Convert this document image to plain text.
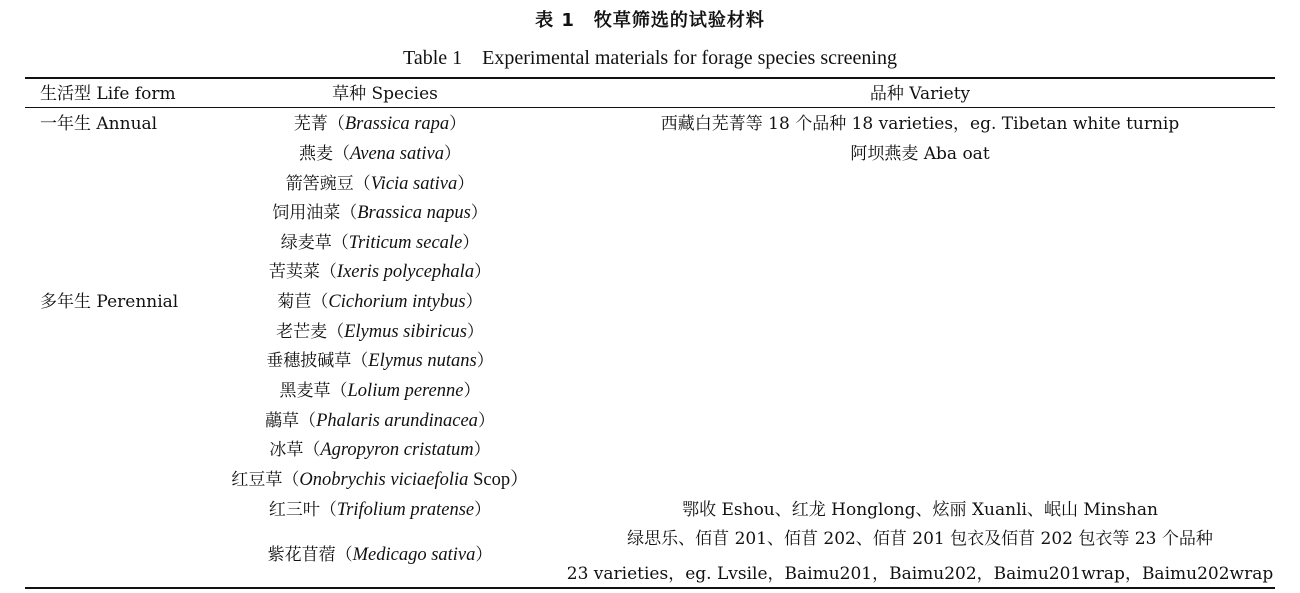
表 1　牧草筛选的试验材料
Table 1　Experimental materials for forage species screening
生活型 Life form	草种 Species	品种 Variety
一年生 Annual
多年生 Perennial
芜菁（Brassica rapa）
燕麦（Avena sativa）
箭筈豌豆（Vicia sativa）
饲用油菜（Brassica napus）
绿麦草（Triticum secale）
苦荬菜（Ixeris polycephala）
菊苣（Cichorium intybus）
老芒麦（Elymus sibiricus）
垂穗披碱草（Elymus nutans）
黑麦草（Lolium perenne）
虉草（Phalaris arundinacea）
冰草（Agropyron cristatum）
红豆草（Onobrychis viciaefolia Scop）
红三叶（Trifolium pratense）
紫花苜蓿（Medicago sativa）
西藏白芜菁等 18 个品种 18 varieties，eg. Tibetan white turnip
阿坝燕麦 Aba oat
鄂收 Eshou、红龙 Honglong、炫丽 Xuanli、岷山 Minshan
绿思乐、佰苜 201、佰苜 202、佰苜 201 包衣及佰苜 202 包衣等 23 个品种
23 varieties，eg. Lvsile，Baimu201，Baimu202，Baimu201wrap，Baimu202wrap
